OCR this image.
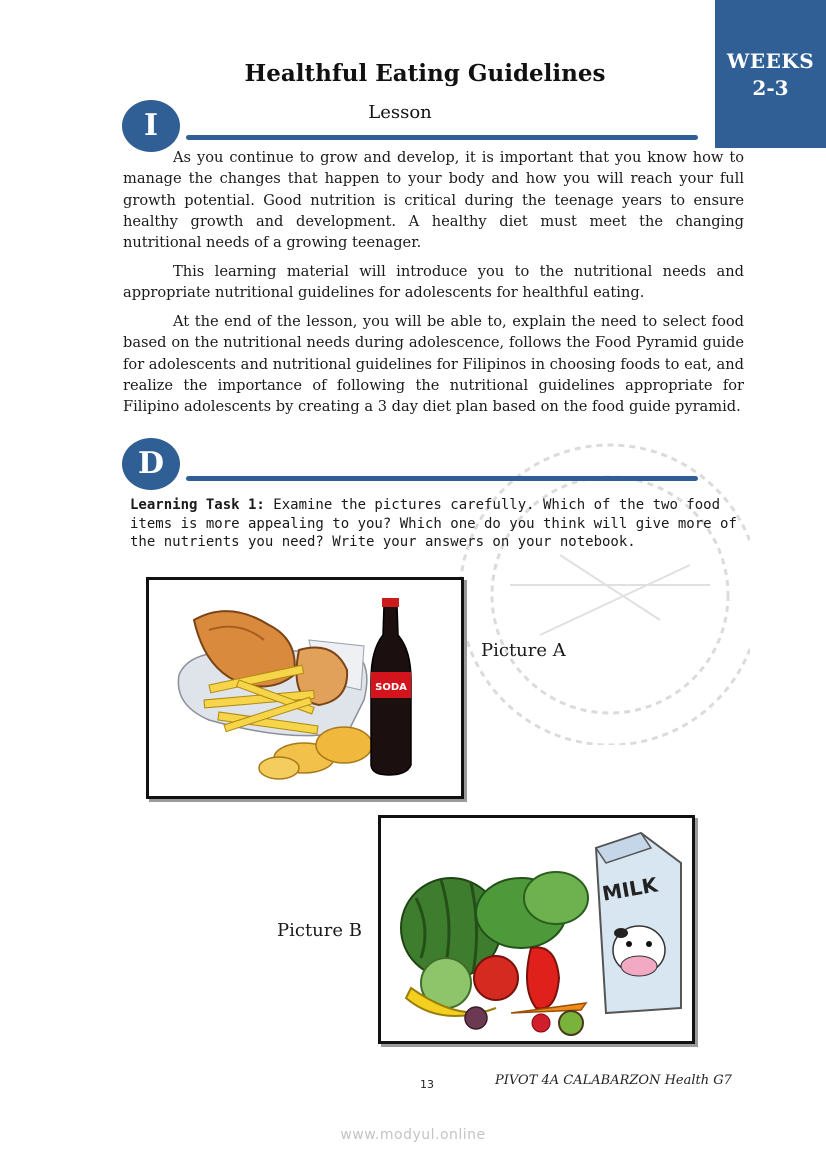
WEEKS
2-3
Healthful Eating Guidelines
I	Lesson

As you continue to grow and develop, it is important that you know how to manage the changes that happen to your body and how you will reach your full growth potential. Good nutrition is critical during the teenage years to ensure healthy growth and development. A healthy diet must meet the changing nutritional needs of a growing teenager.

This learning material will introduce you to the nutritional needs and appropriate nutritional guidelines for adolescents for healthful eating.

At the end of the lesson, you will be able to, explain the need to select food based on the nutritional needs during adolescence, follows the Food Pyramid guide for adolescents and nutritional guidelines for Filipinos in choosing foods to eat, and realize the importance of following the nutritional guidelines appropriate for Filipino adolescents by creating a 3 day diet plan based on the food guide pyramid.

D

Learning Task 1: Examine the pictures carefully. Which of the two food items is more appealing to you? Which one do you think will give more of the nutrients you need? Write your answers on your notebook.

SODA
Picture A
MILK
Picture B
13	PIVOT 4A CALABARZON Health G7
www.modyul.online
